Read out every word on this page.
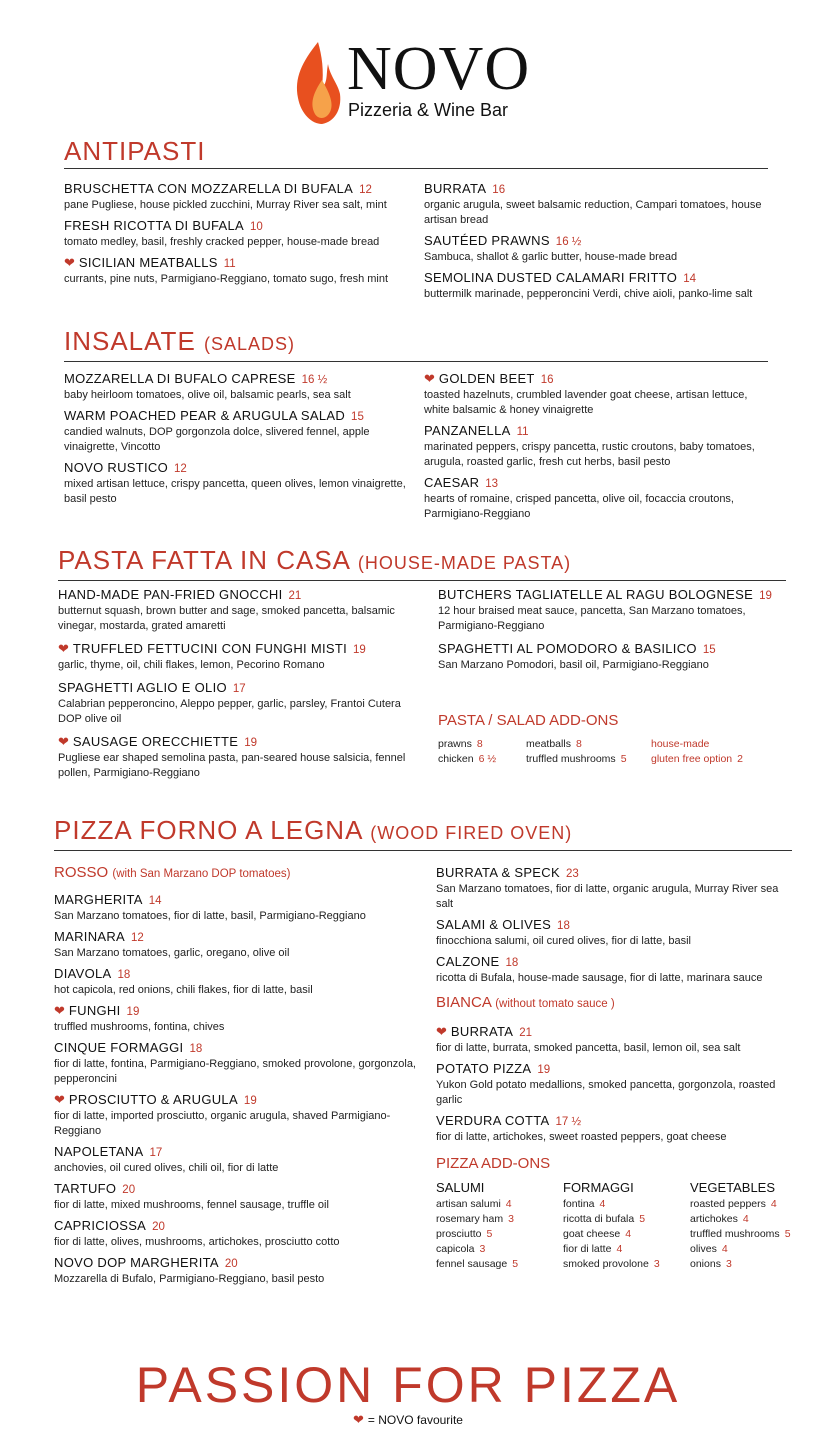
NOVO
Pizzeria & Wine Bar
ANTIPASTI
BRUSCHETTA CON MOZZARELLA DI BUFALA 12
pane Pugliese, house pickled zucchini, Murray River sea salt, mint
FRESH RICOTTA DI BUFALA 10
tomato medley, basil, freshly cracked pepper, house-made bread
❤ SICILIAN MEATBALLS 11
currants, pine nuts, Parmigiano-Reggiano, tomato sugo, fresh mint
BURRATA 16
organic arugula, sweet balsamic reduction, Campari tomatoes, house artisan bread
SAUTÉED PRAWNS 16 ½
Sambuca, shallot & garlic butter, house-made bread
SEMOLINA DUSTED CALAMARI FRITTO 14
buttermilk marinade, pepperoncini Verdi, chive aioli, panko-lime salt
INSALATE (SALADS)
MOZZARELLA DI BUFALO CAPRESE 16 ½
baby heirloom tomatoes, olive oil, balsamic pearls, sea salt
WARM POACHED PEAR & ARUGULA SALAD 15
candied walnuts, DOP gorgonzola dolce, slivered fennel, apple vinaigrette, Vincotto
NOVO RUSTICO 12
mixed artisan lettuce, crispy pancetta, queen olives, lemon vinaigrette, basil pesto
❤ GOLDEN BEET 16
toasted hazelnuts, crumbled lavender goat cheese, artisan lettuce, white balsamic & honey vinaigrette
PANZANELLA 11
marinated peppers, crispy pancetta, rustic croutons, baby tomatoes, arugula, roasted garlic, fresh cut herbs, basil pesto
CAESAR 13
hearts of romaine, crisped pancetta, olive oil, focaccia croutons, Parmigiano-Reggiano
PASTA FATTA IN CASA (HOUSE-MADE PASTA)
HAND-MADE PAN-FRIED GNOCCHI 21
butternut squash, brown butter and sage, smoked pancetta, balsamic vinegar, mostarda, grated amaretti
❤ TRUFFLED FETTUCINI CON FUNGHI MISTI 19
garlic, thyme, oil, chili flakes, lemon, Pecorino Romano
SPAGHETTI AGLIO E OLIO 17
Calabrian pepperoncino, Aleppo pepper, garlic, parsley, Frantoi Cutera DOP olive oil
❤ SAUSAGE ORECCHIETTE 19
Pugliese ear shaped semolina pasta, pan-seared house salsicia, fennel pollen, Parmigiano-Reggiano
BUTCHERS TAGLIATELLE AL RAGU BOLOGNESE 19
12 hour braised meat sauce, pancetta, San Marzano tomatoes, Parmigiano-Reggiano
SPAGHETTI AL POMODORO & BASILICO 15
San Marzano Pomodori, basil oil, Parmigiano-Reggiano
PASTA / SALAD ADD-ONS
prawns 8	meatballs 8	house-made
chicken 6 ½	truffled mushrooms 5	gluten free option 2
PIZZA FORNO A LEGNA (WOOD FIRED OVEN)
ROSSO (with San Marzano DOP tomatoes)
MARGHERITA 14
San Marzano tomatoes, fior di latte, basil, Parmigiano-Reggiano
MARINARA 12
San Marzano tomatoes, garlic, oregano, olive oil
DIAVOLA 18
hot capicola, red onions, chili flakes, fior di latte, basil
❤ FUNGHI 19
truffled mushrooms, fontina, chives
CINQUE FORMAGGI 18
fior di latte, fontina, Parmigiano-Reggiano, smoked provolone, gorgonzola, pepperoncini
❤ PROSCIUTTO & ARUGULA 19
fior di latte, imported prosciutto, organic arugula, shaved Parmigiano-Reggiano
NAPOLETANA 17
anchovies, oil cured olives, chili oil, fior di latte
TARTUFO 20
fior di latte, mixed mushrooms, fennel sausage, truffle oil
CAPRICIOSSA 20
fior di latte, olives, mushrooms, artichokes, prosciutto cotto
NOVO DOP MARGHERITA 20
Mozzarella di Bufalo, Parmigiano-Reggiano, basil pesto
BURRATA & SPECK 23
San Marzano tomatoes, fior di latte, organic arugula, Murray River sea salt
SALAMI & OLIVES 18
finocchiona salumi, oil cured olives, fior di latte, basil
CALZONE 18
ricotta di Bufala, house-made sausage, fior di latte, marinara sauce
BIANCA (without tomato sauce )
❤ BURRATA 21
fior di latte, burrata, smoked pancetta, basil, lemon oil, sea salt
POTATO PIZZA 19
Yukon Gold potato medallions, smoked pancetta, gorgonzola, roasted garlic
VERDURA COTTA 17 ½
fior di latte, artichokes, sweet roasted peppers, goat cheese
PIZZA ADD-ONS
SALUMI
artisan salumi 4
rosemary ham 3
prosciutto 5
capicola 3
fennel sausage 5
FORMAGGI
fontina 4
ricotta di bufala 5
goat cheese 4
fior di latte 4
smoked provolone 3
VEGETABLES
roasted peppers 4
artichokes 4
truffled mushrooms 5
olives 4
onions 3
PASSION FOR PIZZA
❤ = NOVO favourite
